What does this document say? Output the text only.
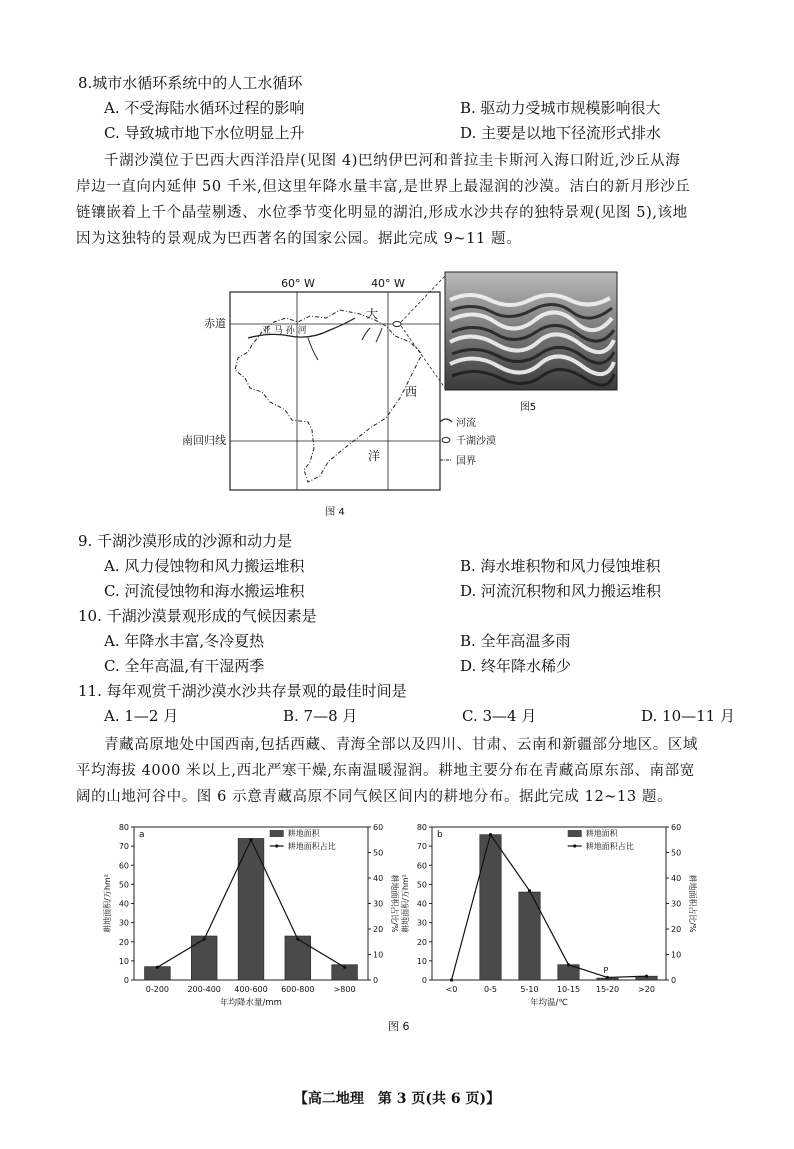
8.城市水循环系统中的人工水循环
A. 不受海陆水循环过程的影响	B. 驱动力受城市规模影响很大
C. 导致城市地下水位明显上升	D. 主要是以地下径流形式排水
千湖沙漠位于巴西大西洋沿岸(见图 4)巴纳伊巴河和普拉圭卡斯河入海口附近,沙丘从海
岸边一直向内延伸 50 千米,但这里年降水量丰富,是世界上最湿润的沙漠。洁白的新月形沙丘
链镶嵌着上千个晶莹剔透、水位季节变化明显的湖泊,形成水沙共存的独特景观(见图 5),该地
因为这独特的景观成为巴西著名的国家公园。据此完成 9~11 题。
60° W	40° W
赤道
南回归线
亚 马 孙 河
大
西
洋
图5
河流
千湖沙漠
国界
图 4
9. 千湖沙漠形成的沙源和动力是
A. 风力侵蚀物和风力搬运堆积	B. 海水堆积物和风力侵蚀堆积
C. 河流侵蚀物和海水搬运堆积	D. 河流沉积物和风力搬运堆积
10. 千湖沙漠景观形成的气候因素是
A. 年降水丰富,冬冷夏热	B. 全年高温多雨
C. 全年高温,有干湿两季	D. 终年降水稀少
11. 每年观赏千湖沙漠水沙共存景观的最佳时间是
A. 1—2 月	B. 7—8 月	C. 3—4 月	D. 10—11 月
青藏高原地处中国西南,包括西藏、青海全部以及四川、甘肃、云南和新疆部分地区。区域
平均海拔 4000 米以上,西北严寒干燥,东南温暖湿润。耕地主要分布在青藏高原东部、南部宽
阔的山地河谷中。图 6 示意青藏高原不同气候区间内的耕地分布。据此完成 12~13 题。
0
10
20
30
40
50
60
70
80
0
10
20
30
40
50
60
a
0-200 200-400 400-600 600-800 >800
年均降水量/mm
耕地面积/万hm²	耕地面积占比/%
耕地面积
耕地面积占比
0
10
20
30
40
50
60
70
80
0
10
20
30
40
50
60
b
<0	0-5	5-10 10-15 15-20 >20
P
年均温/℃
耕地面积/万hm²	耕地面积占比/%
耕地面积
耕地面积占比
图 6
【高二地理　第 3 页(共 6 页)】
